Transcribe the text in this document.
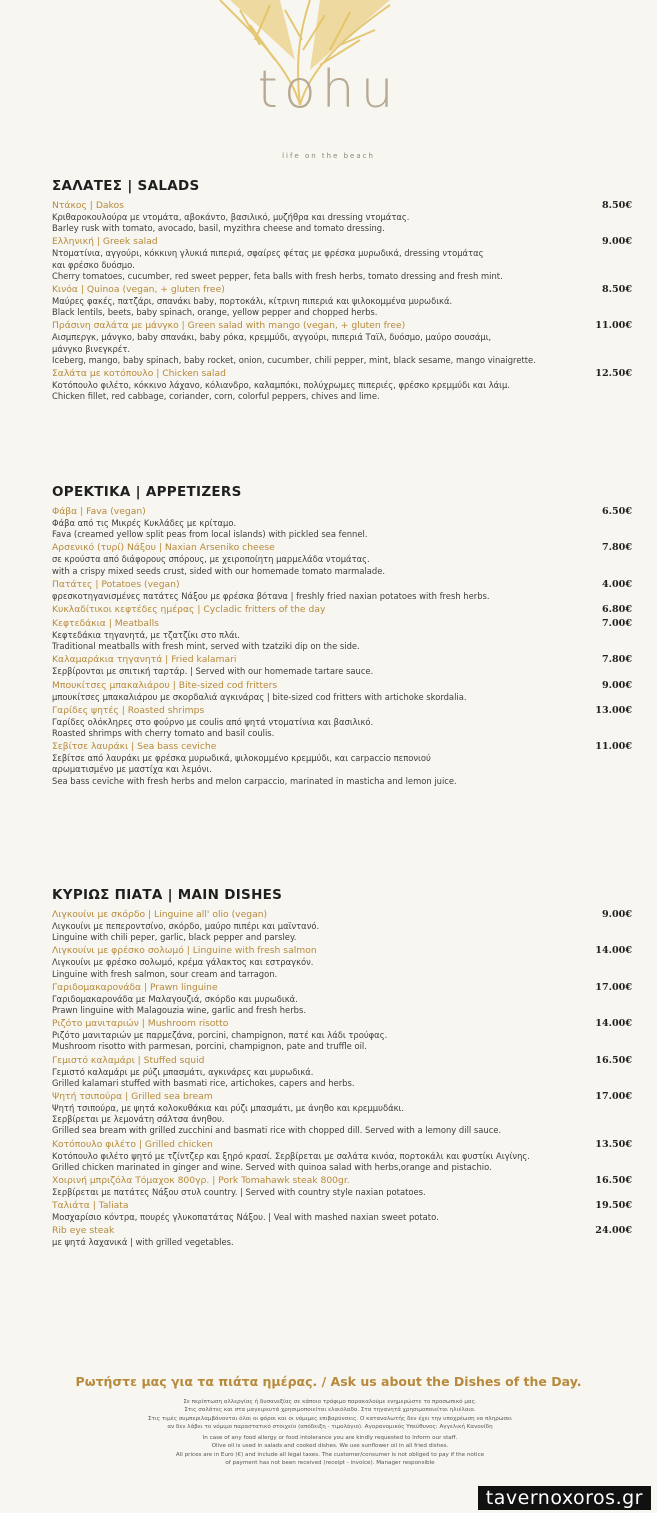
tohu
life on the beach
ΣΑΛΑΤΕΣ | SALADS
Ντάκος | Dakos	8.50€
Κριθαροκουλούρα με ντομάτα, αβοκάντο, βασιλικό, μυζήθρα και dressing ντομάτας.
Barley rusk with tomato, avocado, basil, myzithra cheese and tomato dressing.
Ελληνική | Greek salad	9.00€
Ντοματίνια, αγγούρι, κόκκινη γλυκιά πιπεριά, σφαίρες φέτας με φρέσκα μυρωδικά, dressing ντομάτας
και φρέσκο δυόσμο.
Cherry tomatoes, cucumber, red sweet pepper, feta balls with fresh herbs, tomato dressing and fresh mint.
Κινόα | Quinoa (vegan, + gluten free)	8.50€
Μαύρες φακές, πατζάρι, σπανάκι baby, πορτοκάλι, κίτρινη πιπεριά και ψιλοκομμένα μυρωδικά.
Black lentils, beets, baby spinach, orange, yellow pepper and chopped herbs.
Πράσινη σαλάτα με μάνγκο | Green salad with mango (vegan, + gluten free)	11.00€
Αισμπεργκ, μάνγκο, baby σπανάκι, baby ρόκα, κρεμμύδι, αγγούρι, πιπεριά Ταϊλ, δυόσμο, μαύρο σουσάμι,
μάνγκο βινεγκρέτ.
Iceberg, mango, baby spinach, baby rocket, onion, cucumber, chili pepper, mint, black sesame, mango vinaigrette.
Σαλάτα με κοτόπουλο | Chicken salad	12.50€
Κοτόπουλο φιλέτο, κόκκινο λάχανο, κόλιανδρο, καλαμπόκι, πολύχρωμες πιπεριές, φρέσκο κρεμμύδι και λάιμ.
Chicken fillet, red cabbage, coriander, corn, colorful peppers, chives and lime.
ΟΡΕΚΤΙΚΑ | APPETIZERS
Φάβα | Fava (vegan)	6.50€
Φάβα από τις Μικρές Κυκλάδες με κρίταμο.
Fava (creamed yellow split peas from local islands) with pickled sea fennel.
Αρσενικό (τυρί) Νάξου | Naxian Arseniko cheese	7.80€
σε κρούστα από διάφορους σπόρους, με χειροποίητη μαρμελάδα ντομάτας.
with a crispy mixed seeds crust, sided with our homemade tomato marmalade.
Πατάτες | Potatoes (vegan)	4.00€
φρεσκοτηγανισμένες πατάτες Νάξου με φρέσκα βότανα | freshly fried naxian potatoes with fresh herbs.
Κυκλαδίτικοι κεφτέδες ημέρας | Cycladic fritters of the day	6.80€
Κεφτεδάκια | Meatballs	7.00€
Κεφτεδάκια τηγανητά, με τζατζίκι στο πλάι.
Traditional meatballs with fresh mint, served with tzatziki dip on the side.
Καλαμαράκια τηγανητά | Fried kalamari	7.80€
Σερβίρονται με σπιτική ταρτάρ. | Served with our homemade tartare sauce.
Μπουκίτσες μπακαλιάρου | Bite-sized cod fritters	9.00€
μπουκίτσες μπακαλιάρου με σκορδαλιά αγκινάρας | bite-sized cod fritters with artichoke skordalia.
Γαρίδες ψητές | Roasted shrimps	13.00€
Γαρίδες ολόκληρες στο φούρνο με coulis από ψητά ντοματίνια και βασιλικό.
Roasted shrimps with cherry tomato and basil coulis.
Σεβίτσε λαυράκι | Sea bass ceviche	11.00€
Σεβίτσε από λαυράκι με φρέσκα μυρωδικά, ψιλοκομμένο κρεμμύδι, και carpaccio πεπονιού
αρωματισμένο με μαστίχα και λεμόνι.
Sea bass ceviche with fresh herbs and melon carpaccio, marinated in masticha and lemon juice.
ΚΥΡΙΩΣ ΠΙΑΤΑ | MAIN DISHES
Λιγκουίνι με σκόρδο | Linguine all' olio (vegan)	9.00€
Λιγκουίνι με πεπεροντσίνο, σκόρδο, μαύρο πιπέρι και μαϊντανό.
Linguine with chili peper, garlic, black pepper and parsley.
Λιγκουίνι με φρέσκο σολωμό | Linguine with fresh salmon	14.00€
Λιγκουίνι με φρέσκο σολωμό, κρέμα γάλακτος και εστραγκόν.
Linguine with fresh salmon, sour cream and tarragon.
Γαριδομακαρονάδα | Prawn linguine	17.00€
Γαριδομακαρονάδα με Μαλαγουζιά, σκόρδο και μυρωδικά.
Prawn linguine with Malagouzia wine, garlic and fresh herbs.
Ριζότο μανιταριών | Mushroom risotto	14.00€
Ριζότο μανιταριών με παρμεζάνα, porcini, champignon, πατέ και λάδι τρούφας.
Mushroom risotto with parmesan, porcini, champignon, pate and truffle oil.
Γεμιστό καλαμάρι | Stuffed squid	16.50€
Γεμιστό καλαμάρι με ρύζι μπασμάτι, αγκινάρες και μυρωδικά.
Grilled kalamari stuffed with basmati rice, artichokes, capers and herbs.
Ψητή τσιπούρα | Grilled sea bream	17.00€
Ψητή τσιπούρα, με ψητά κολοκυθάκια και ρύζι μπασμάτι, με άνηθο και κρεμμυδάκι.
Σερβίρεται με λεμονάτη σάλτσα άνηθου.
Grilled sea bream with grilled zucchini and basmati rice with chopped dill. Served with a lemony dill sauce.
Κοτόπουλο φιλέτο | Grilled chicken	13.50€
Κοτόπουλο φιλέτο ψητό με τζίντζερ και ξηρό κρασί. Σερβίρεται με σαλάτα κινόα, πορτοκάλι και φυστίκι Αιγίνης.
Grilled chicken marinated in ginger and wine. Served with quinoa salad with herbs,orange and pistachio.
Χοιρινή μπριζόλα Τόμαχοκ 800γρ. | Pork Tomahawk steak 800gr.	16.50€
Σερβίρεται με πατάτες Νάξου στυλ country. | Served with country style naxian potatoes.
Ταλιάτα | Taliata	19.50€
Μοσχαρίσιο κόντρα, πουρές γλυκοπατάτας Νάξου. | Veal with mashed naxian sweet potato.
Rib eye steak	24.00€
με ψητά λαχανικά | with grilled vegetables.
Ρωτήστε μας για τα πιάτα ημέρας. / Ask us about the Dishes of the Day.
Σε περίπτωση αλλεργίας ή δυσανεξίας σε κάποιο τρόφιμο παρακαλούμε ενημερώστε το προσωπικό μας.
Στις σαλάτες και στα μαγειρευτά χρησιμοποιείται ελαιόλαδο. Στα τηγανητά χρησιμοποιείται ηλιέλαιο.
Στις τιμές συμπεριλαμβάνονται όλοι οι φόροι και οι νόμιμες επιβαρύνσεις. Ο καταναλωτής δεν έχει την υποχρέωση να πληρώσει
αν δεν λάβει το νόμιμο παραστατικό στοιχείο (απόδειξη - τιμολόγιο). Αγορανομικός Υπεύθυνος: Αγγελική Κανονίδη
In case of any food allergy or food intolerance you are kindly requested to inform our staff.
Olive oil is used in salads and cooked dishes. We use sunflower oil in all fried dishes.
All prices are in Euro (€) and include all legal taxes. The customer/consumer is not obliged to pay if the notice
of payment has not been received (receipt - invoice). Manager responsible
tavernoxoros.gr
